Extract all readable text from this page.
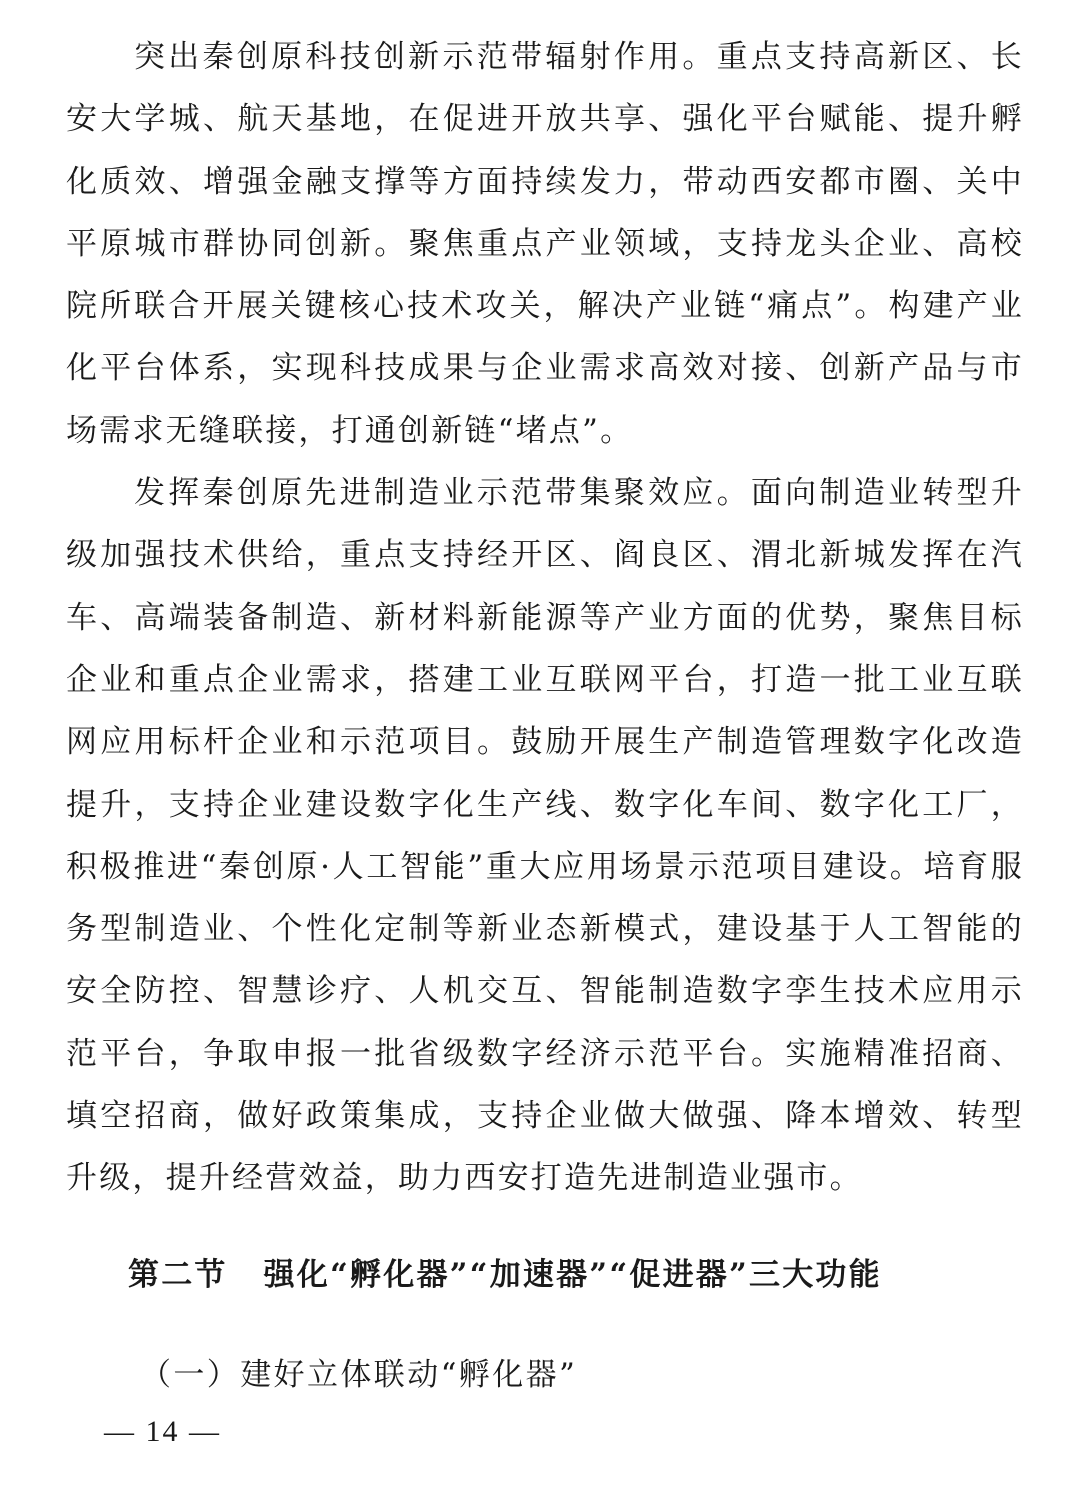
突出秦创原科技创新示范带辐射作用。重点支持高新区、长安大学城、航天基地，在促进开放共享、强化平台赋能、提升孵化质效、增强金融支撑等方面持续发力，带动西安都市圈、关中平原城市群协同创新。聚焦重点产业领域，支持龙头企业、高校院所联合开展关键核心技术攻关，解决产业链“痛点”。构建产业化平台体系，实现科技成果与企业需求高效对接、创新产品与市场需求无缝联接，打通创新链“堵点”。

发挥秦创原先进制造业示范带集聚效应。面向制造业转型升级加强技术供给，重点支持经开区、阎良区、渭北新城发挥在汽车、高端装备制造、新材料新能源等产业方面的优势，聚焦目标企业和重点企业需求，搭建工业互联网平台，打造一批工业互联网应用标杆企业和示范项目。鼓励开展生产制造管理数字化改造提升，支持企业建设数字化生产线、数字化车间、数字化工厂，积极推进“秦创原·人工智能”重大应用场景示范项目建设。培育服务型制造业、个性化定制等新业态新模式，建设基于人工智能的安全防控、智慧诊疗、人机交互、智能制造数字孪生技术应用示范平台，争取申报一批省级数字经济示范平台。实施精准招商、填空招商，做好政策集成，支持企业做大做强、降本增效、转型升级，提升经营效益，助力西安打造先进制造业强市。

第二节 强化“孵化器”“加速器”“促进器”三大功能

（一）建好立体联动“孵化器”

— 14 —
